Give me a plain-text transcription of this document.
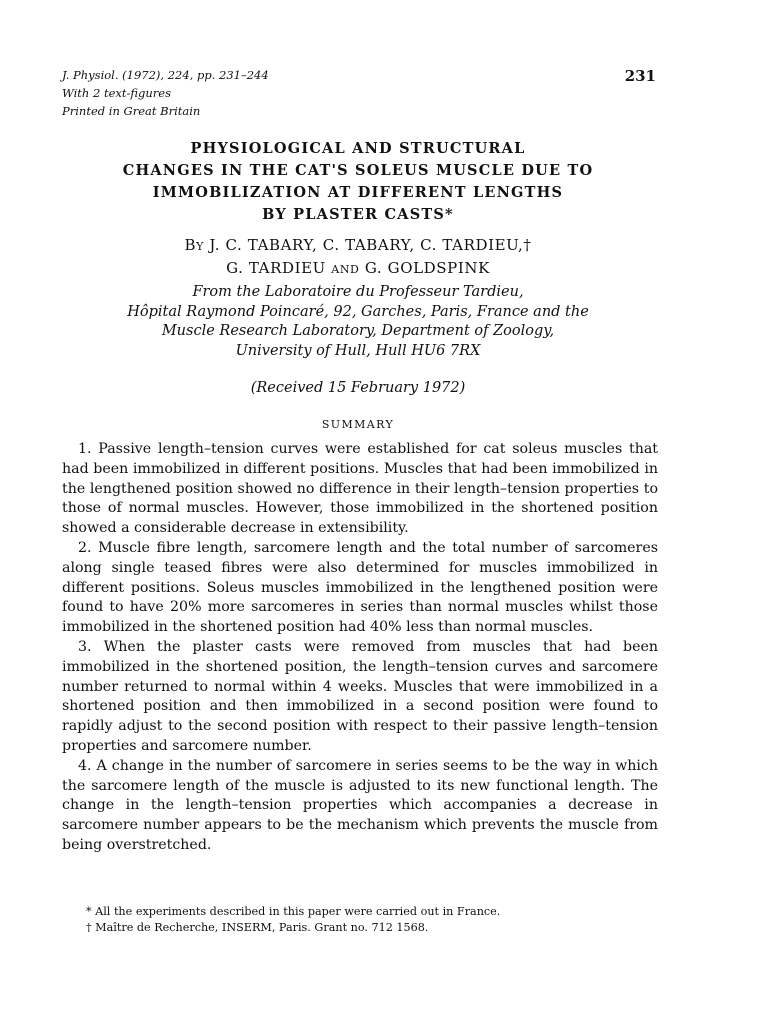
J. Physiol. (1972), 224, pp. 231–244
With 2 text-figures
Printed in Great Britain
231
PHYSIOLOGICAL AND STRUCTURAL
CHANGES IN THE CAT'S SOLEUS MUSCLE DUE TO
IMMOBILIZATION AT DIFFERENT LENGTHS
BY PLASTER CASTS*
By J. C. TABARY, C. TABARY, C. TARDIEU,†
G. TARDIEU and G. GOLDSPINK
From the Laboratoire du Professeur Tardieu,
Hôpital Raymond Poincaré, 92, Garches, Paris, France and the
Muscle Research Laboratory, Department of Zoology,
University of Hull, Hull HU6 7RX
(Received 15 February 1972)
SUMMARY

1. Passive length–tension curves were established for cat soleus muscles that had been immobilized in different positions. Muscles that had been immobilized in the lengthened position showed no difference in their length–tension properties to those of normal muscles. However, those immobilized in the shortened position showed a considerable decrease in extensibility.

2. Muscle fibre length, sarcomere length and the total number of sarcomeres along single teased fibres were also determined for muscles immobilized in different positions. Soleus muscles immobilized in the lengthened position were found to have 20% more sarcomeres in series than normal muscles whilst those immobilized in the shortened position had 40% less than normal muscles.

3. When the plaster casts were removed from muscles that had been immobilized in the shortened position, the length–tension curves and sarcomere number returned to normal within 4 weeks. Muscles that were immobilized in a shortened position and then immobilized in a second position were found to rapidly adjust to the second position with respect to their passive length–tension properties and sarcomere number.

4. A change in the number of sarcomere in series seems to be the way in which the sarcomere length of the muscle is adjusted to its new functional length. The change in the length–tension properties which accompanies a decrease in sarcomere number appears to be the mechanism which prevents the muscle from being overstretched.

* All the experiments described in this paper were carried out in France.
† Maître de Recherche, INSERM, Paris. Grant no. 712 1568.
